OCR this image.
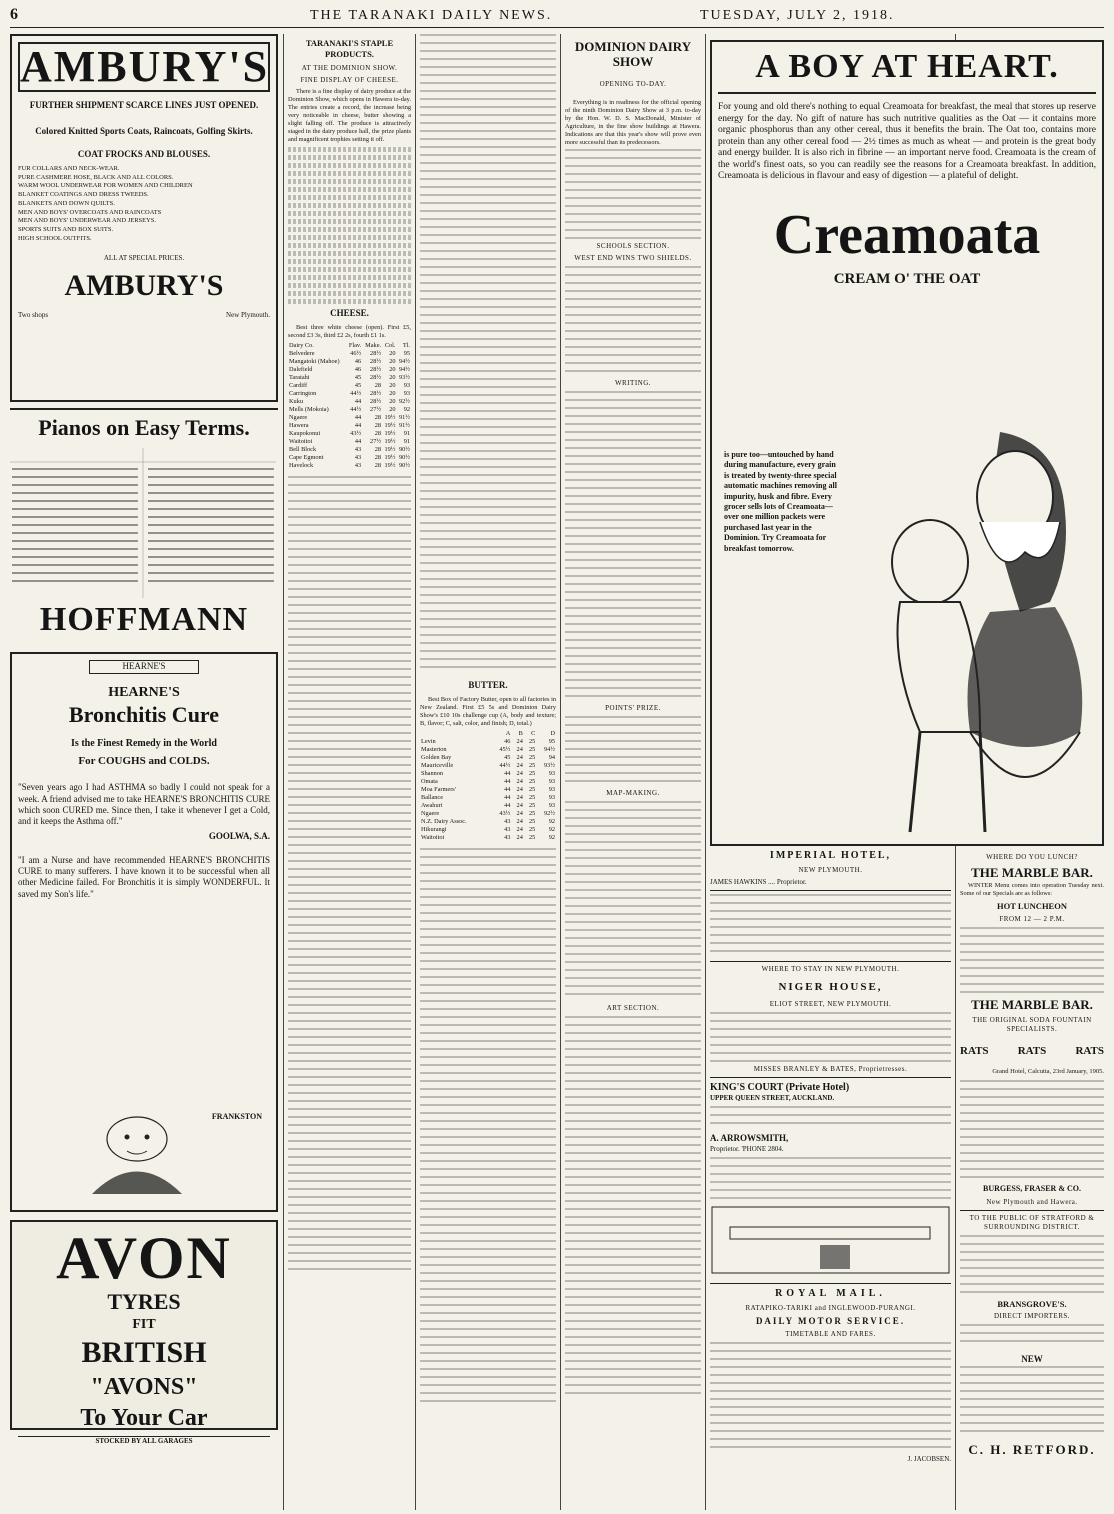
6	THE TARANAKI DAILY NEWS.	TUESDAY, JULY 2, 1918.
AMBURY'S
FURTHER SHIPMENT SCARCE LINES JUST OPENED.
Colored Knitted Sports Coats, Raincoats, Golfing Skirts.
COAT FROCKS AND BLOUSES.
FUR COLLARS AND NECK-WEAR.
PURE CASHMERE HOSE, BLACK AND ALL COLORS.
WARM WOOL UNDERWEAR FOR WOMEN AND CHILDREN
BLANKET COATINGS AND DRESS TWEEDS.
BLANKETS AND DOWN QUILTS.
MEN AND BOYS' OVERCOATS AND RAINCOATS
MEN AND BOYS' UNDERWEAR AND JERSEYS.
SPORTS SUITS AND BOX SUITS.
HIGH SCHOOL OUTFITS.
ALL AT SPECIAL PRICES.
AMBURY'S
Two shops	New Plymouth.
Pianos on Easy Terms.
HOFFMANN
HEARNE'S
HEARNE'S
Bronchitis Cure
Is the Finest Remedy in the World
For COUGHS and COLDS.
"Seven years ago I had ASTHMA so badly I could not speak for a week. A friend advised me to take HEARNE'S BRONCHITIS CURE which soon CURED me. Since then, I take it whenever I get a Cold, and it keeps the Asthma off."
GOOLWA, S.A.
"I am a Nurse and have recommended HEARNE'S BRONCHITIS CURE to many sufferers. I have known it to be successful when all other Medicine failed. For Bronchitis it is simply WONDERFUL. It saved my Son's life."
FRANKSTON
AVON
TYRES
FIT
BRITISH
"AVONS"
To Your Car
STOCKED BY ALL GARAGES
TARANAKI'S STAPLE PRODUCTS.
AT THE DOMINION SHOW.
FINE DISPLAY OF CHEESE.

There is a fine display of dairy produce at the Dominion Show, which opens in Hawera to-day. The entries create a record, the increase being very noticeable in cheese, butter showing a slight falling off. The produce is attractively staged in the dairy produce hall, the prize plants and magnificent trophies setting it off.

CHEESE.

Best three white cheese (open). First £5, second £3 3s, third £2 2s, fourth £1 1s.

Dairy Co.	Flav.	Make.	Col.	Tl.
Belvedere	46½	28½	20	95
Mangatoki (Mahoe)	46	28½	20	94½
Dalefield	46	28½	20	94½
Taratahi	45	28½	20	93½
Cardiff	45	28	20	93
Carrington	44½	28½	20	93
Kuku	44	28½	20	92½
Mells (Mokoia)	44½	27½	20	92
Ngaere	44	28	19½	91½
Hawera	44	28	19½	91½
Kaupokonui	43½	28	19½	91
Waitoitoi	44	27½	19½	91
Bell Block	43	28	19½	90½
Cape Egmont	43	28	19½	90½
Havelock	43	28	19½	90½
BUTTER.

Best Box of Factory Butter, open to all factories in New Zealand. First £5 5s and Dominion Dairy Show's £10 10s challenge cup (A, body and texture; B, flavor; C, salt, color, and finish; D, total.)

	A	B	C	D
Levin	46	24	25	95
Masterton	45½	24	25	94½
Golden Bay	45	24	25	94
Mauriceville	44½	24	25	93½
Shannon	44	24	25	93
Omata	44	24	25	93
Moa Farmers'	44	24	25	93
Ballance	44	24	25	93
Awahuri	44	24	25	93
Ngaere	43½	24	25	92½
N.Z. Dairy Assoc.	43	24	25	92
Hikurangi	43	24	25	92
Waitoitoi	43	24	25	92
DOMINION DAIRY SHOW
OPENING TO-DAY.

Everything is in readiness for the official opening of the ninth Dominion Dairy Show at 3 p.m. to-day by the Hon. W. D. S. MacDonald, Minister of Agriculture, in the fine show buildings at Hawera. Indications are that this year's show will prove even more successful than its predecessors.

SCHOOLS SECTION.
WEST END WINS TWO SHIELDS.
WRITING.
POINTS' PRIZE.
MAP-MAKING.
ART SECTION.
A BOY AT HEART.

For young and old there's nothing to equal Creamoata for breakfast, the meal that stores up reserve energy for the day. No gift of nature has such nutritive qualities as the Oat — it contains more organic phosphorus than any other cereal, thus it benefits the brain. The Oat too, contains more protein than any other cereal food — 2½ times as much as wheat — and protein is the great body and energy builder. It is also rich in fibrine — an important nerve food. Creamoata is the cream of the world's finest oats, so you can readily see the reasons for a Creamoata breakfast. In addition, Creamoata is delicious in flavour and easy of digestion — a plateful of delight.

Creamoata
CREAM O' THE OAT

is pure too—untouched by hand during manufacture, every grain is treated by twenty-three special automatic machines removing all impurity, husk and fibre. Every grocer sells lots of Creamoata—over one million packets were purchased last year in the Dominion. Try Creamoata for breakfast tomorrow.

IMPERIAL HOTEL,
NEW PLYMOUTH.
JAMES HAWKINS .... Proprietor.
WHERE TO STAY IN NEW PLYMOUTH.
NIGER HOUSE,
ELIOT STREET, NEW PLYMOUTH.
MISSES BRANLEY & BATES, Proprietresses.
KING'S COURT (Private Hotel)
UPPER QUEEN STREET, AUCKLAND.
A. ARROWSMITH,
Proprietor. 'PHONE 2804.
ROYAL MAIL.
RATAPIKO-TARIKI and INGLEWOOD-PURANGI.
DAILY MOTOR SERVICE.
TIMETABLE AND FARES.
J. JACOBSEN.
WHERE DO YOU LUNCH?
THE MARBLE BAR.

WINTER Menu comes into operation Tuesday next. Some of our Specials are as follows:

HOT LUNCHEON
FROM 12 — 2 P.M.
THE MARBLE BAR.
THE ORIGINAL SODA FOUNTAIN SPECIALISTS.
RATS	RATS	RATS
Grand Hotel, Calcutta, 23rd January, 1905.
BURGESS, FRASER & CO.
New Plymouth and Hawera.
TO THE PUBLIC OF STRATFORD & SURROUNDING DISTRICT.
BRANSGROVE'S.
DIRECT IMPORTERS.
NEW
C. H. RETFORD.
